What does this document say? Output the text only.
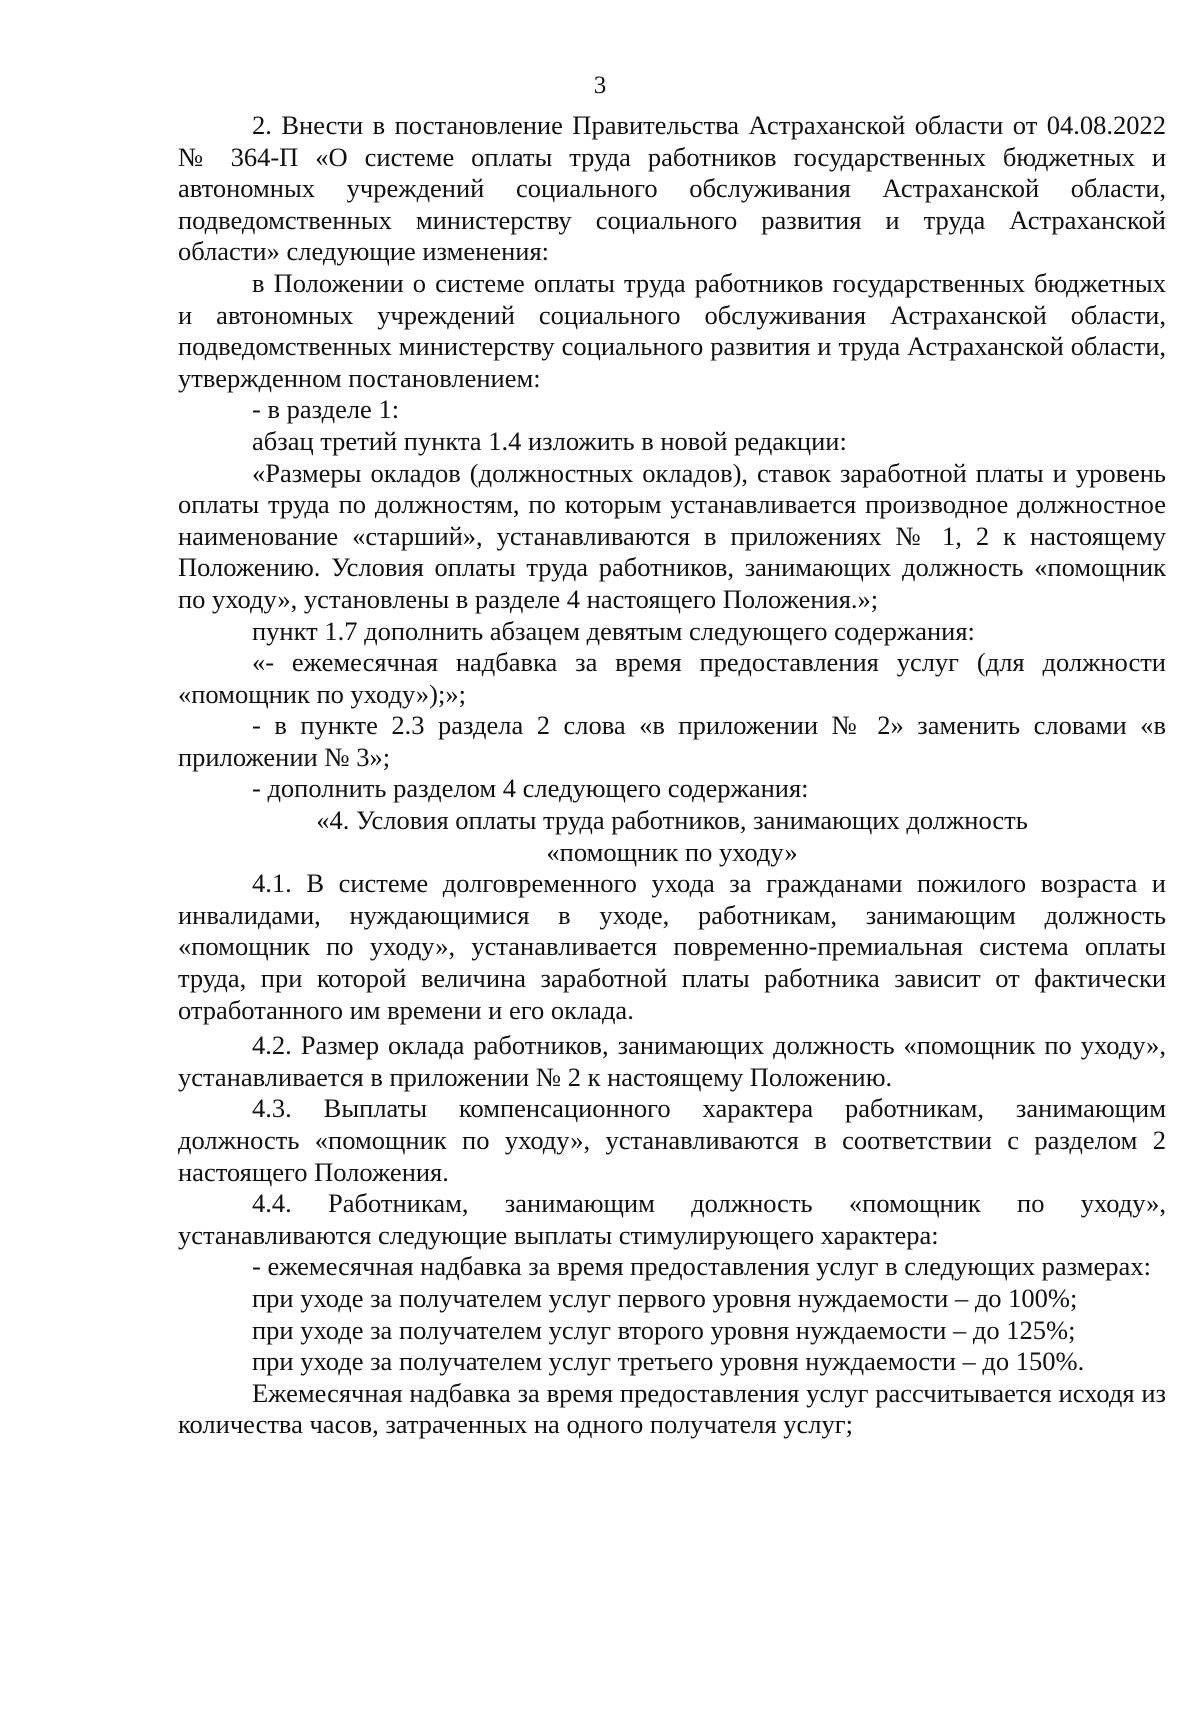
3

2. Внести в постановление Правительства Астраханской области от 04.08.2022 № 364-П «О системе оплаты труда работников государственных бюджетных и автономных учреждений социального обслуживания Астраханской области, подведомственных министерству социального развития и труда Астраханской области» следующие изменения:

в Положении о системе оплаты труда работников государственных бюджетных и автономных учреждений социального обслуживания Астраханской области, подведомственных министерству социального развития и труда Астраханской области, утвержденном постановлением:

- в разделе 1:

абзац третий пункта 1.4 изложить в новой редакции:

«Размеры окладов (должностных окладов), ставок заработной платы и уровень оплаты труда по должностям, по которым устанавливается производное должностное наименование «старший», устанавливаются в приложениях № 1, 2 к настоящему Положению. Условия оплаты труда работников, занимающих должность «помощник по уходу», установлены в разделе 4 настоящего Положения.»;

пункт 1.7 дополнить абзацем девятым следующего содержания:

«- ежемесячная надбавка за время предоставления услуг (для должности «помощник по уходу»);»;

- в пункте 2.3 раздела 2 слова «в приложении № 2» заменить словами «в приложении № 3»;

- дополнить разделом 4 следующего содержания:

«4. Условия оплаты труда работников, занимающих должность

«помощник по уходу»

4.1. В системе долговременного ухода за гражданами пожилого возраста и инвалидами, нуждающимися в уходе, работникам, занимающим должность «помощник по уходу», устанавливается повременно-премиальная система оплаты труда, при которой величина заработной платы работника зависит от фактически отработанного им времени и его оклада.

4.2. Размер оклада работников, занимающих должность «помощник по уходу», устанавливается в приложении № 2 к настоящему Положению.

4.3. Выплаты компенсационного характера работникам, занимающим должность «помощник по уходу», устанавливаются в соответствии с разделом 2 настоящего Положения.

4.4. Работникам, занимающим должность «помощник по уходу», устанавливаются следующие выплаты стимулирующего характера:

- ежемесячная надбавка за время предоставления услуг в следующих размерах:

при уходе за получателем услуг первого уровня нуждаемости – до 100%;

при уходе за получателем услуг второго уровня нуждаемости – до 125%;

при уходе за получателем услуг третьего уровня нуждаемости – до 150%.

Ежемесячная надбавка за время предоставления услуг рассчитывается исходя из количества часов, затраченных на одного получателя услуг;
